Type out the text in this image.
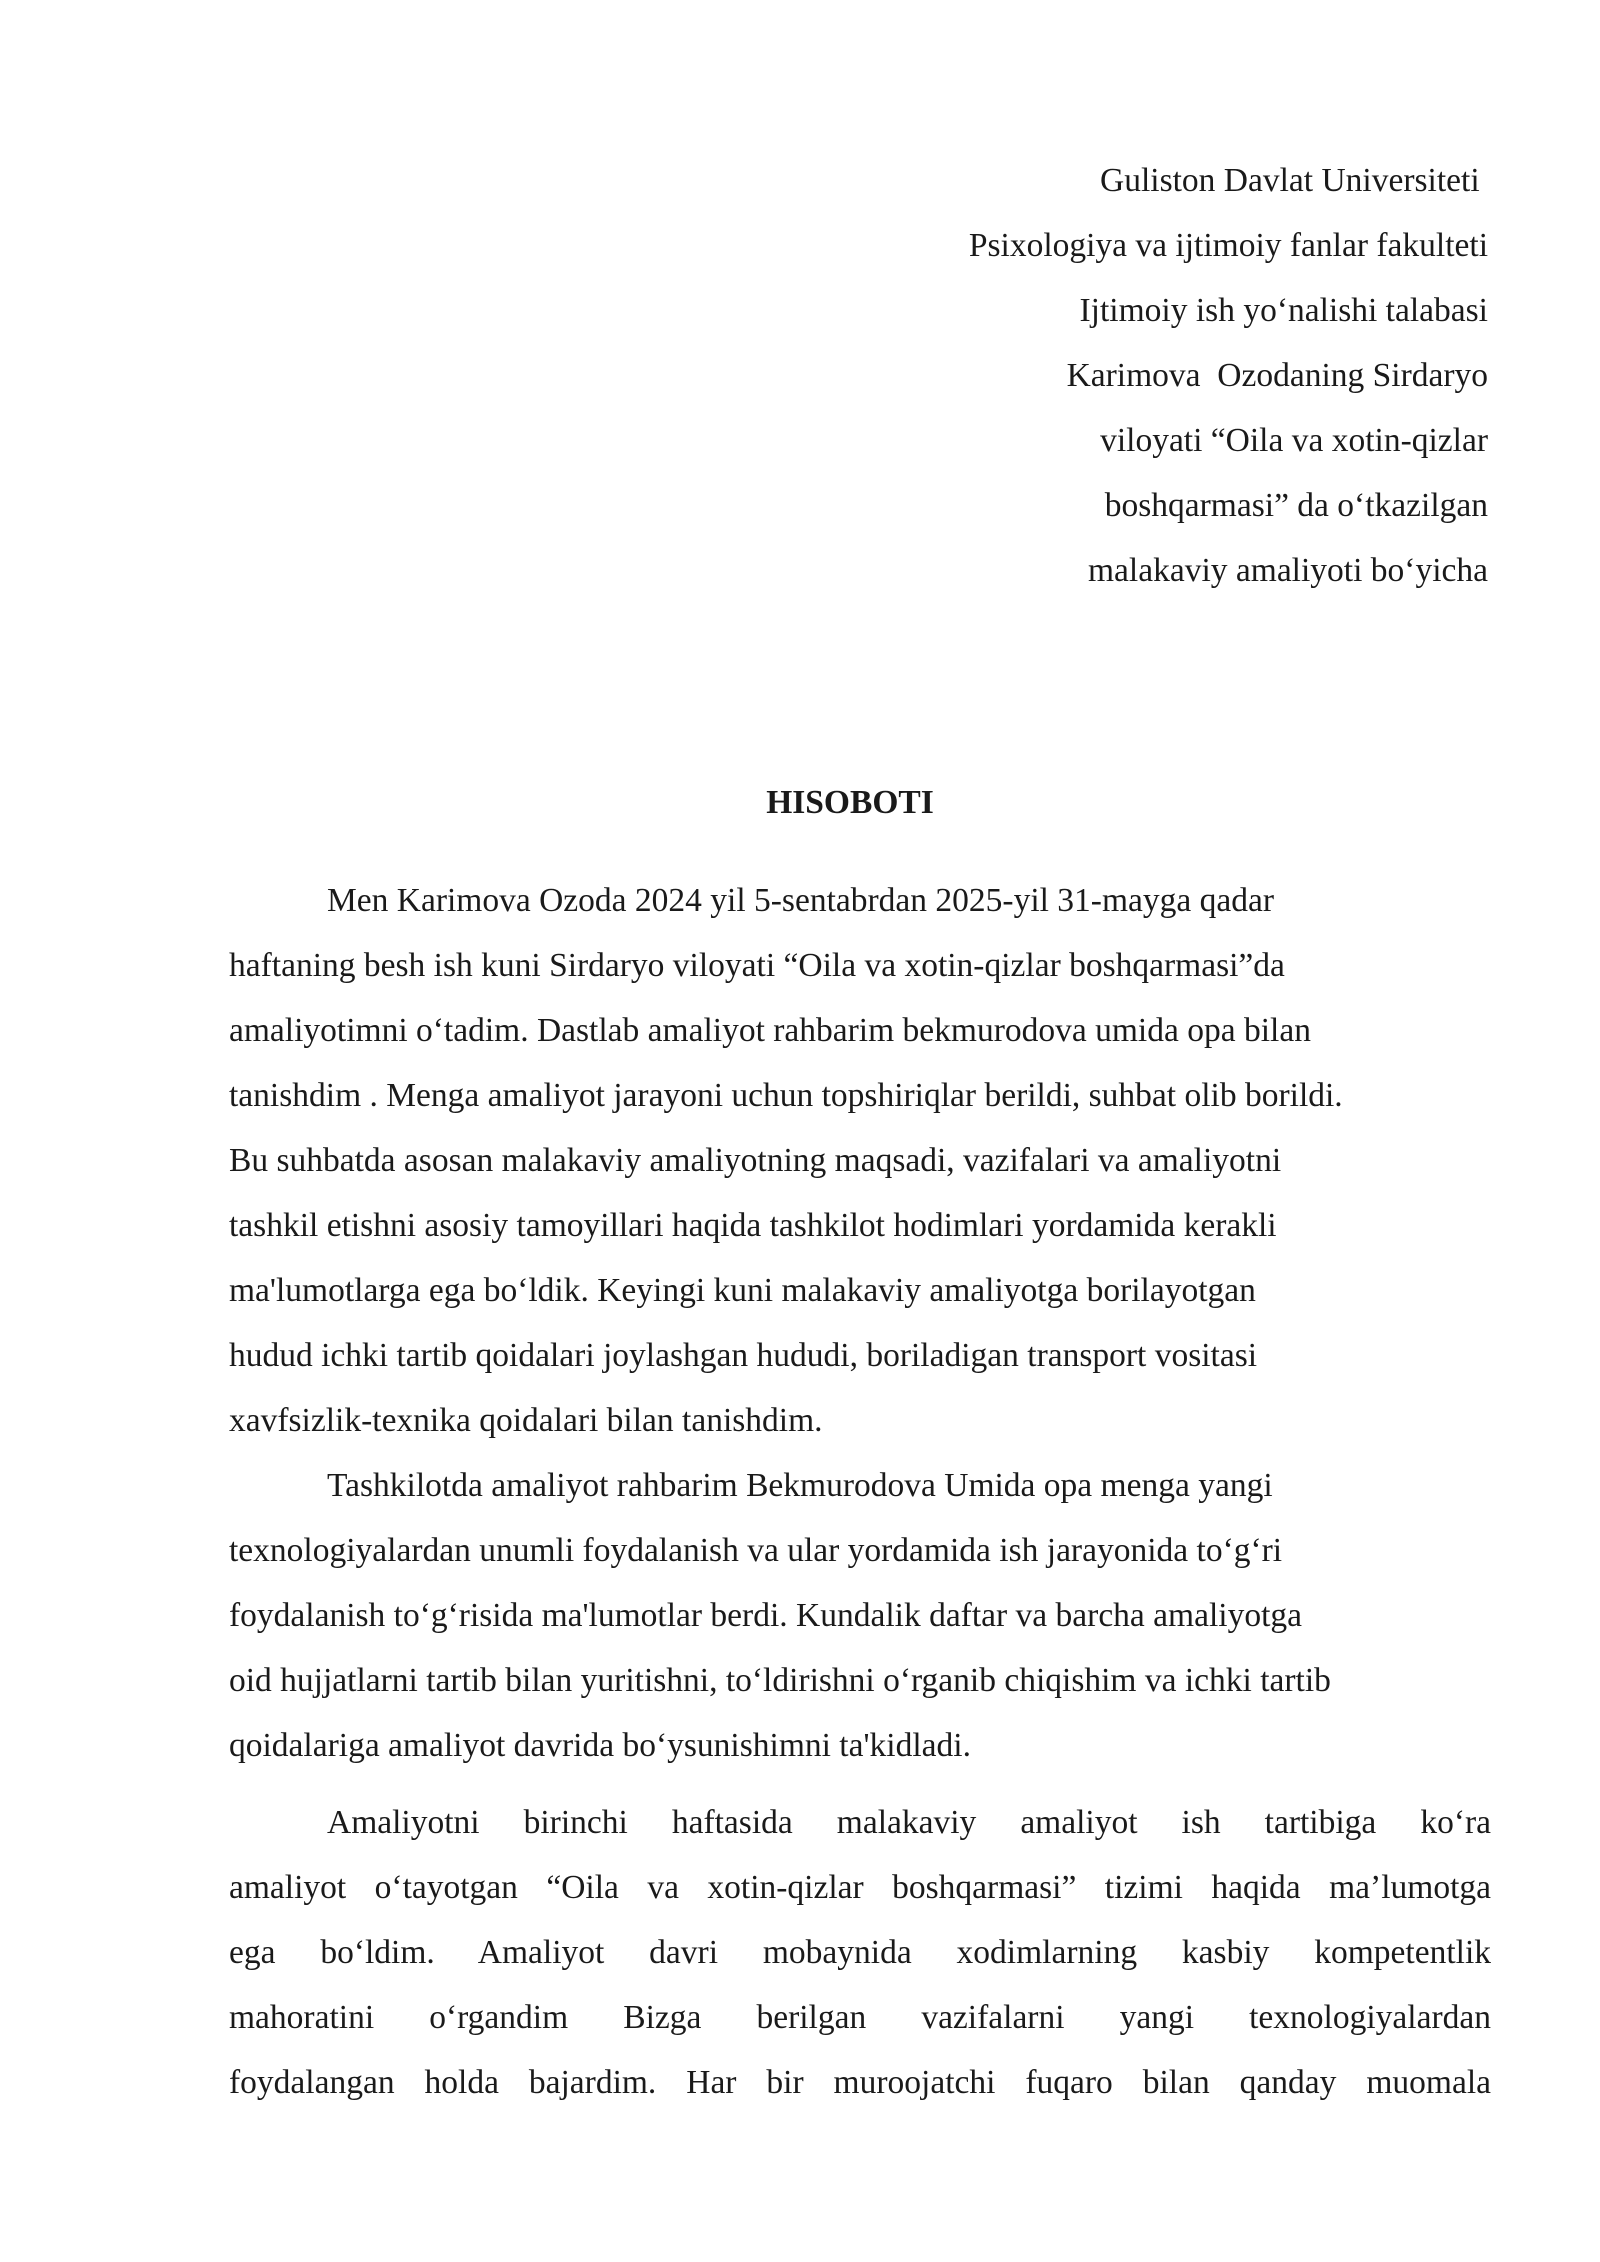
Guliston Davlat Universiteti
Psixologiya va ijtimoiy fanlar fakulteti
Ijtimoiy ish yo‘nalishi talabasi
Karimova  Ozodaning Sirdaryo
viloyati “Oila va xotin-qizlar
boshqarmasi” da o‘tkazilgan
malakaviy amaliyoti bo‘yicha
HISOBOTI

Men Karimova Ozoda 2024 yil 5-sentabrdan 2025-yil 31-mayga qadar
haftaning besh ish kuni Sirdaryo viloyati “Oila va xotin-qizlar boshqarmasi”da
amaliyotimni o‘tadim. Dastlab amaliyot rahbarim bekmurodova umida opa bilan
tanishdim . Menga amaliyot jarayoni uchun topshiriqlar berildi, suhbat olib borildi.
Bu suhbatda asosan malakaviy amaliyotning maqsadi, vazifalari va amaliyotni
tashkil etishni asosiy tamoyillari haqida tashkilot hodimlari yordamida kerakli
ma'lumotlarga ega bo‘ldik. Keyingi kuni malakaviy amaliyotga borilayotgan
hudud ichki tartib qoidalari joylashgan hududi, boriladigan transport vositasi
xavfsizlik-texnika qoidalari bilan tanishdim.

Tashkilotda amaliyot rahbarim Bekmurodova Umida opa menga yangi
texnologiyalardan unumli foydalanish va ular yordamida ish jarayonida to‘g‘ri
foydalanish to‘g‘risida ma'lumotlar berdi. Kundalik daftar va barcha amaliyotga
oid hujjatlarni tartib bilan yuritishni, to‘ldirishni o‘rganib chiqishim va ichki tartib
qoidalariga amaliyot davrida bo‘ysunishimni ta'kidladi.

Amaliyotni birinchi haftasida malakaviy amaliyot ish tartibiga ko‘ra
amaliyot o‘tayotgan “Oila va xotin-qizlar boshqarmasi” tizimi haqida ma’lumotga
ega bo‘ldim. Amaliyot davri mobaynida xodimlarning kasbiy kompetentlik
mahoratini o‘rgandim Bizga berilgan vazifalarni yangi texnologiyalardan
foydalangan holda bajardim. Har bir muroojatchi fuqaro bilan qanday muomala
